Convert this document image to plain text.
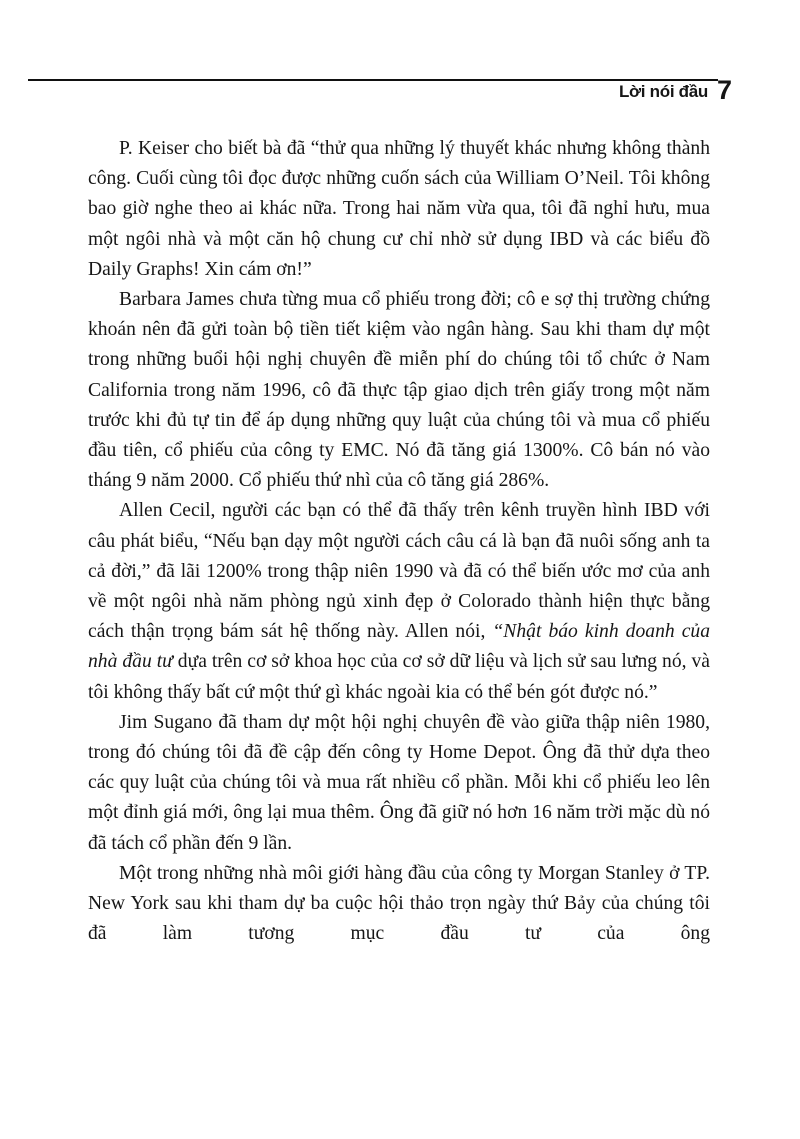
Lời nói đầu 7

P. Keiser cho biết bà đã “thử qua những lý thuyết khác nhưng không thành công. Cuối cùng tôi đọc được những cuốn sách của William O’Neil. Tôi không bao giờ nghe theo ai khác nữa. Trong hai năm vừa qua, tôi đã nghỉ hưu, mua một ngôi nhà và một căn hộ chung cư chỉ nhờ sử dụng IBD và các biểu đồ Daily Graphs! Xin cám ơn!”

Barbara James chưa từng mua cổ phiếu trong đời; cô e sợ thị trường chứng khoán nên đã gửi toàn bộ tiền tiết kiệm vào ngân hàng. Sau khi tham dự một trong những buổi hội nghị chuyên đề miễn phí do chúng tôi tổ chức ở Nam California trong năm 1996, cô đã thực tập giao dịch trên giấy trong một năm trước khi đủ tự tin để áp dụng những quy luật của chúng tôi và mua cổ phiếu đầu tiên, cổ phiếu của công ty EMC. Nó đã tăng giá 1300%. Cô bán nó vào tháng 9 năm 2000. Cổ phiếu thứ nhì của cô tăng giá 286%.

Allen Cecil, người các bạn có thể đã thấy trên kênh truyền hình IBD với câu phát biểu, “Nếu bạn dạy một người cách câu cá là bạn đã nuôi sống anh ta cả đời,” đã lãi 1200% trong thập niên 1990 và đã có thể biến ước mơ của anh về một ngôi nhà năm phòng ngủ xinh đẹp ở Colorado thành hiện thực bằng cách thận trọng bám sát hệ thống này. Allen nói, “Nhật báo kinh doanh của nhà đầu tư dựa trên cơ sở khoa học của cơ sở dữ liệu và lịch sử sau lưng nó, và tôi không thấy bất cứ một thứ gì khác ngoài kia có thể bén gót được nó.”

Jim Sugano đã tham dự một hội nghị chuyên đề vào giữa thập niên 1980, trong đó chúng tôi đã đề cập đến công ty Home Depot. Ông đã thử dựa theo các quy luật của chúng tôi và mua rất nhiều cổ phần. Mỗi khi cổ phiếu leo lên một đỉnh giá mới, ông lại mua thêm. Ông đã giữ nó hơn 16 năm trời mặc dù nó đã tách cổ phần đến 9 lần.

Một trong những nhà môi giới hàng đầu của công ty Morgan Stanley ở TP. New York sau khi tham dự ba cuộc hội thảo trọn ngày thứ Bảy của chúng tôi đã làm tương mục đầu tư của ông
